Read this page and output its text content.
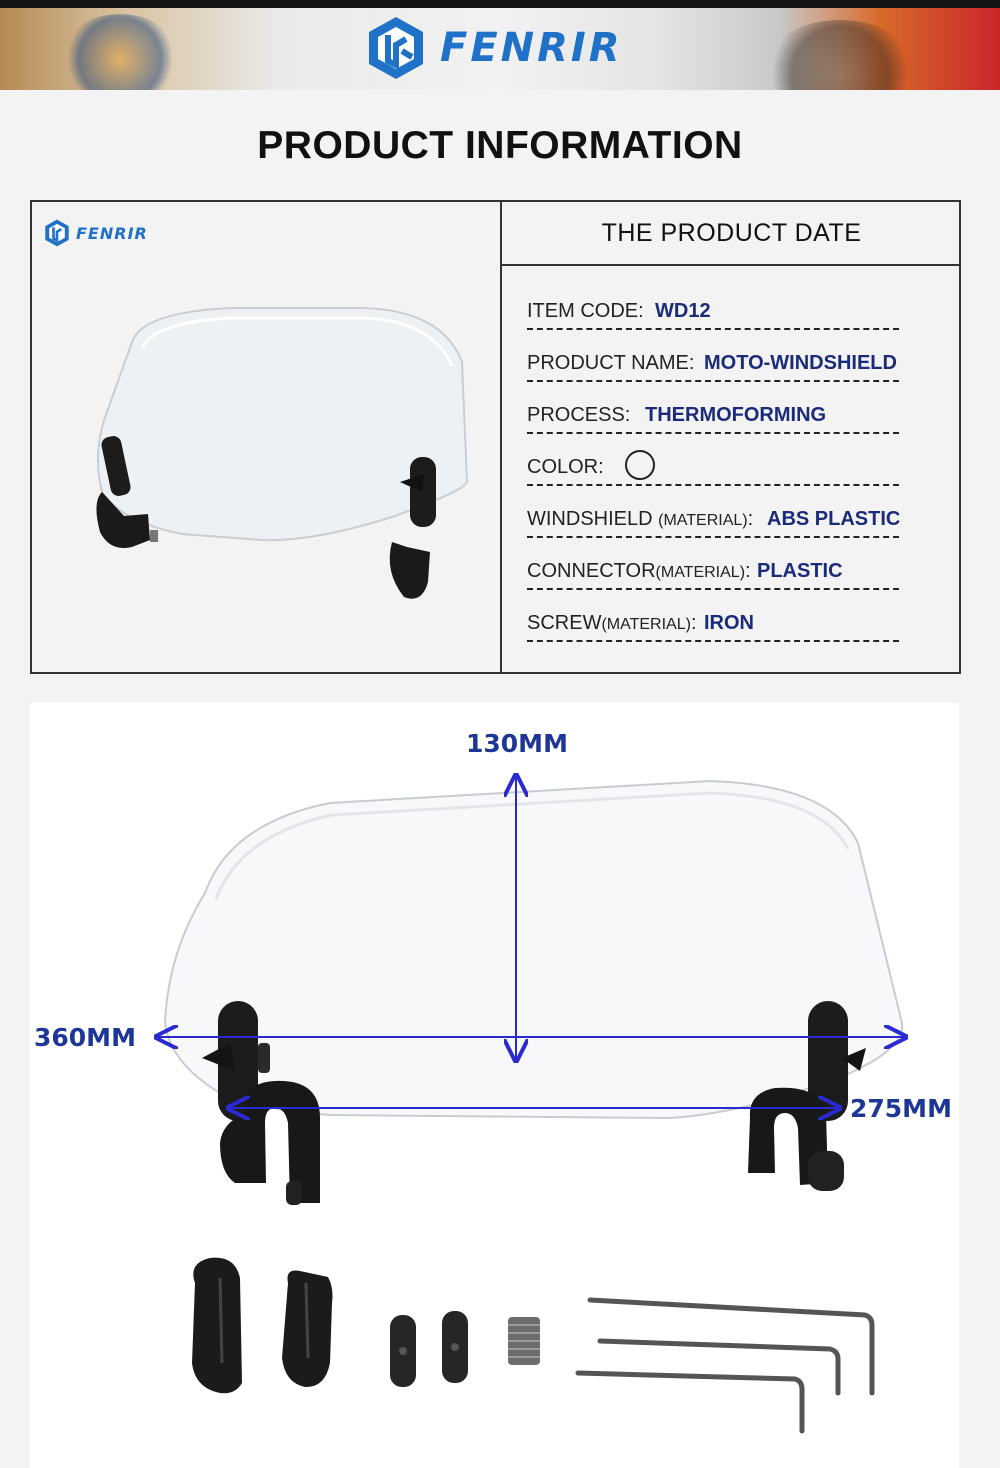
FENRIR
PRODUCT INFORMATION
FENRIR	THE PRODUCT DATE
ITEM CODE: WD12
PRODUCT NAME: MOTO-WINDSHIELD
PROCESS: THERMOFORMING
COLOR:
WINDSHIELD (MATERIAL): ABS PLASTIC
CONNECTOR(MATERIAL): PLASTIC
SCREW(MATERIAL): IRON
130MM
360MM
275MM
